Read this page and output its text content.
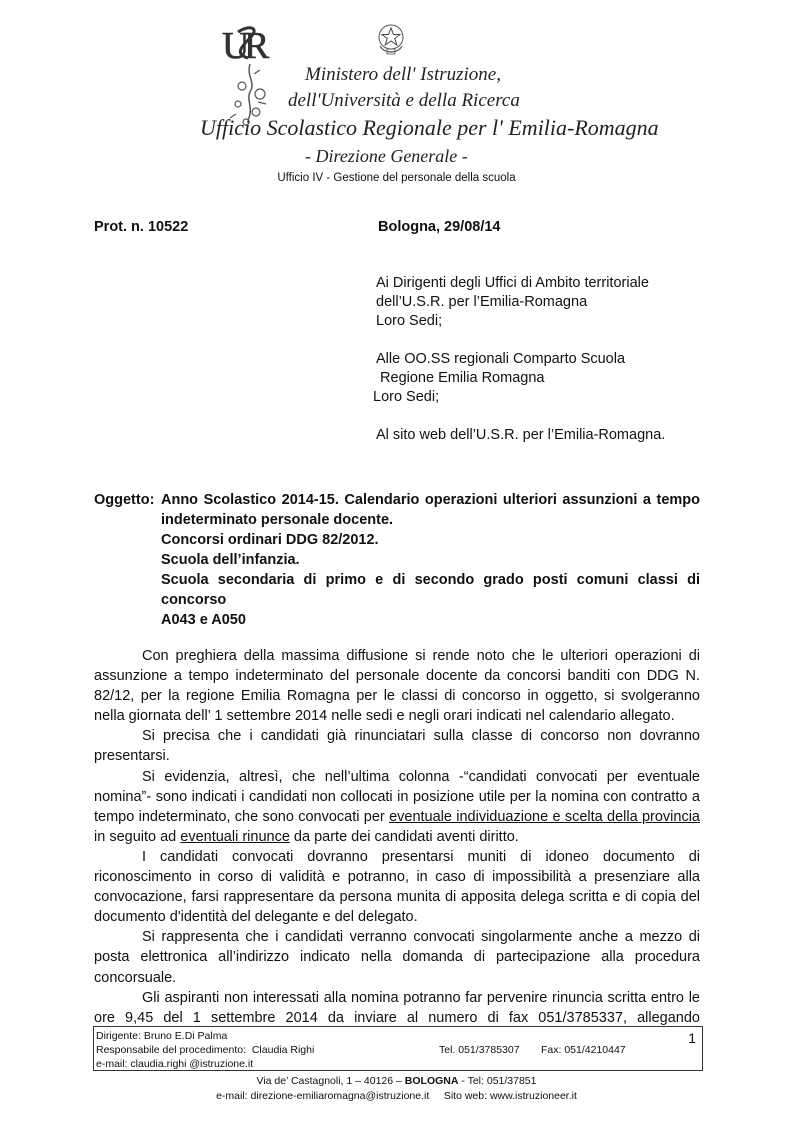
U
R
Ministero dell' Istruzione,
dell'Università e della Ricerca
Ufficio Scolastico Regionale per l' Emilia-Romagna
- Direzione Generale -
Ufficio IV - Gestione del personale della scuola
Prot. n. 10522	Bologna, 29/08/14
Ai Dirigenti degli Uffici di Ambito territoriale
dell’U.S.R. per l’Emilia-Romagna
Loro Sedi;
Alle OO.SS regionali Comparto Scuola
Regione Emilia Romagna
Loro Sedi;
Al sito web dell’U.S.R. per l’Emilia-Romagna.
Oggetto: Anno Scolastico 2014-15. Calendario operazioni ulteriori assunzioni a tempo
indeterminato personale docente.
Concorsi ordinari DDG 82/2012.
Scuola dell’infanzia.
Scuola secondaria di primo e di secondo grado posti comuni classi di concorso
A043 e A050

Con preghiera della massima diffusione si rende noto che le ulteriori operazioni di assunzione a tempo indeterminato del personale docente da concorsi banditi con DDG N. 82/12, per la regione Emilia Romagna per le classi di concorso in oggetto, si svolgeranno nella giornata dell’ 1 settembre 2014 nelle sedi e negli orari indicati nel calendario allegato.

Si precisa che i candidati già rinunciatari sulla classe di concorso non dovranno presentarsi.

Si evidenzia, altresì, che nell’ultima colonna -“candidati convocati per eventuale nomina”- sono indicati i candidati non collocati in posizione utile per la nomina con contratto a tempo indeterminato, che sono convocati per eventuale individuazione e scelta della provincia in seguito ad eventuali rinunce da parte dei candidati aventi diritto.

I candidati convocati dovranno presentarsi muniti di idoneo documento di riconoscimento in corso di validità e potranno, in caso di impossibilità a presenziare alla convocazione, farsi rappresentare da persona munita di apposita delega scritta e di copia del documento d'identità del delegante e del delegato.

Si rappresenta che i candidati verranno convocati singolarmente anche a mezzo di posta elettronica all’indirizzo indicato nella domanda di partecipazione alla procedura concorsuale.

Gli aspiranti non interessati alla nomina potranno far pervenire rinuncia scritta entro le ore 9,45 del 1 settembre 2014 da inviare al numero di fax 051/3785337, allegando

Dirigente: Bruno E.Di Palma
Responsabile del procedimento:  Claudia Righi
e-mail: claudia.righi @istruzione.it
Tel. 051/3785307 Fax: 051/4210447
1
Via de’ Castagnoli, 1 – 40126 – BOLOGNA - Tel: 051/37851
e-mail: direzione-emiliaromagna@istruzione.it     Sito web: www.istruzioneer.it
